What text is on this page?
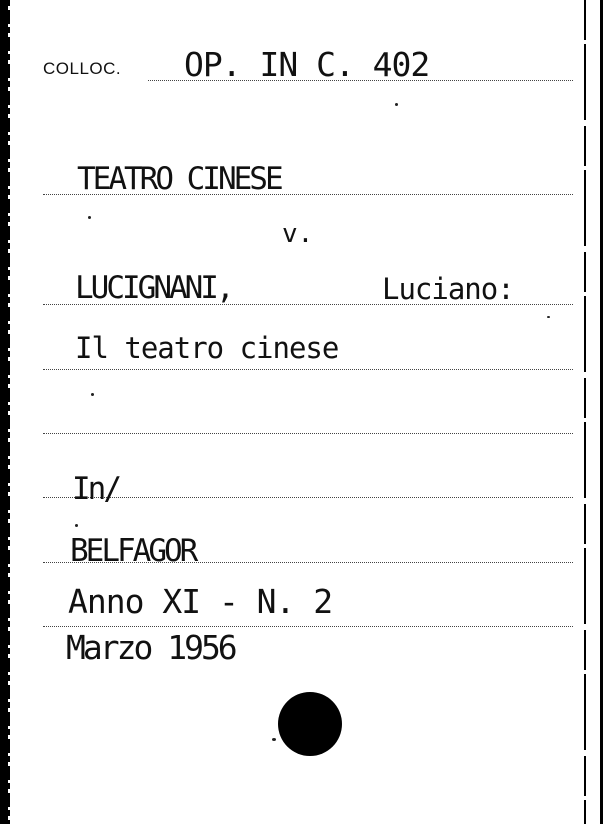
COLLOC. OP. IN C. 402
TEATRO CINESE
v.
LUCIGNANI,	Luciano:
Il teatro cinese
In/
BELFAGOR
Anno XI - N. 2
Marzo 1956
